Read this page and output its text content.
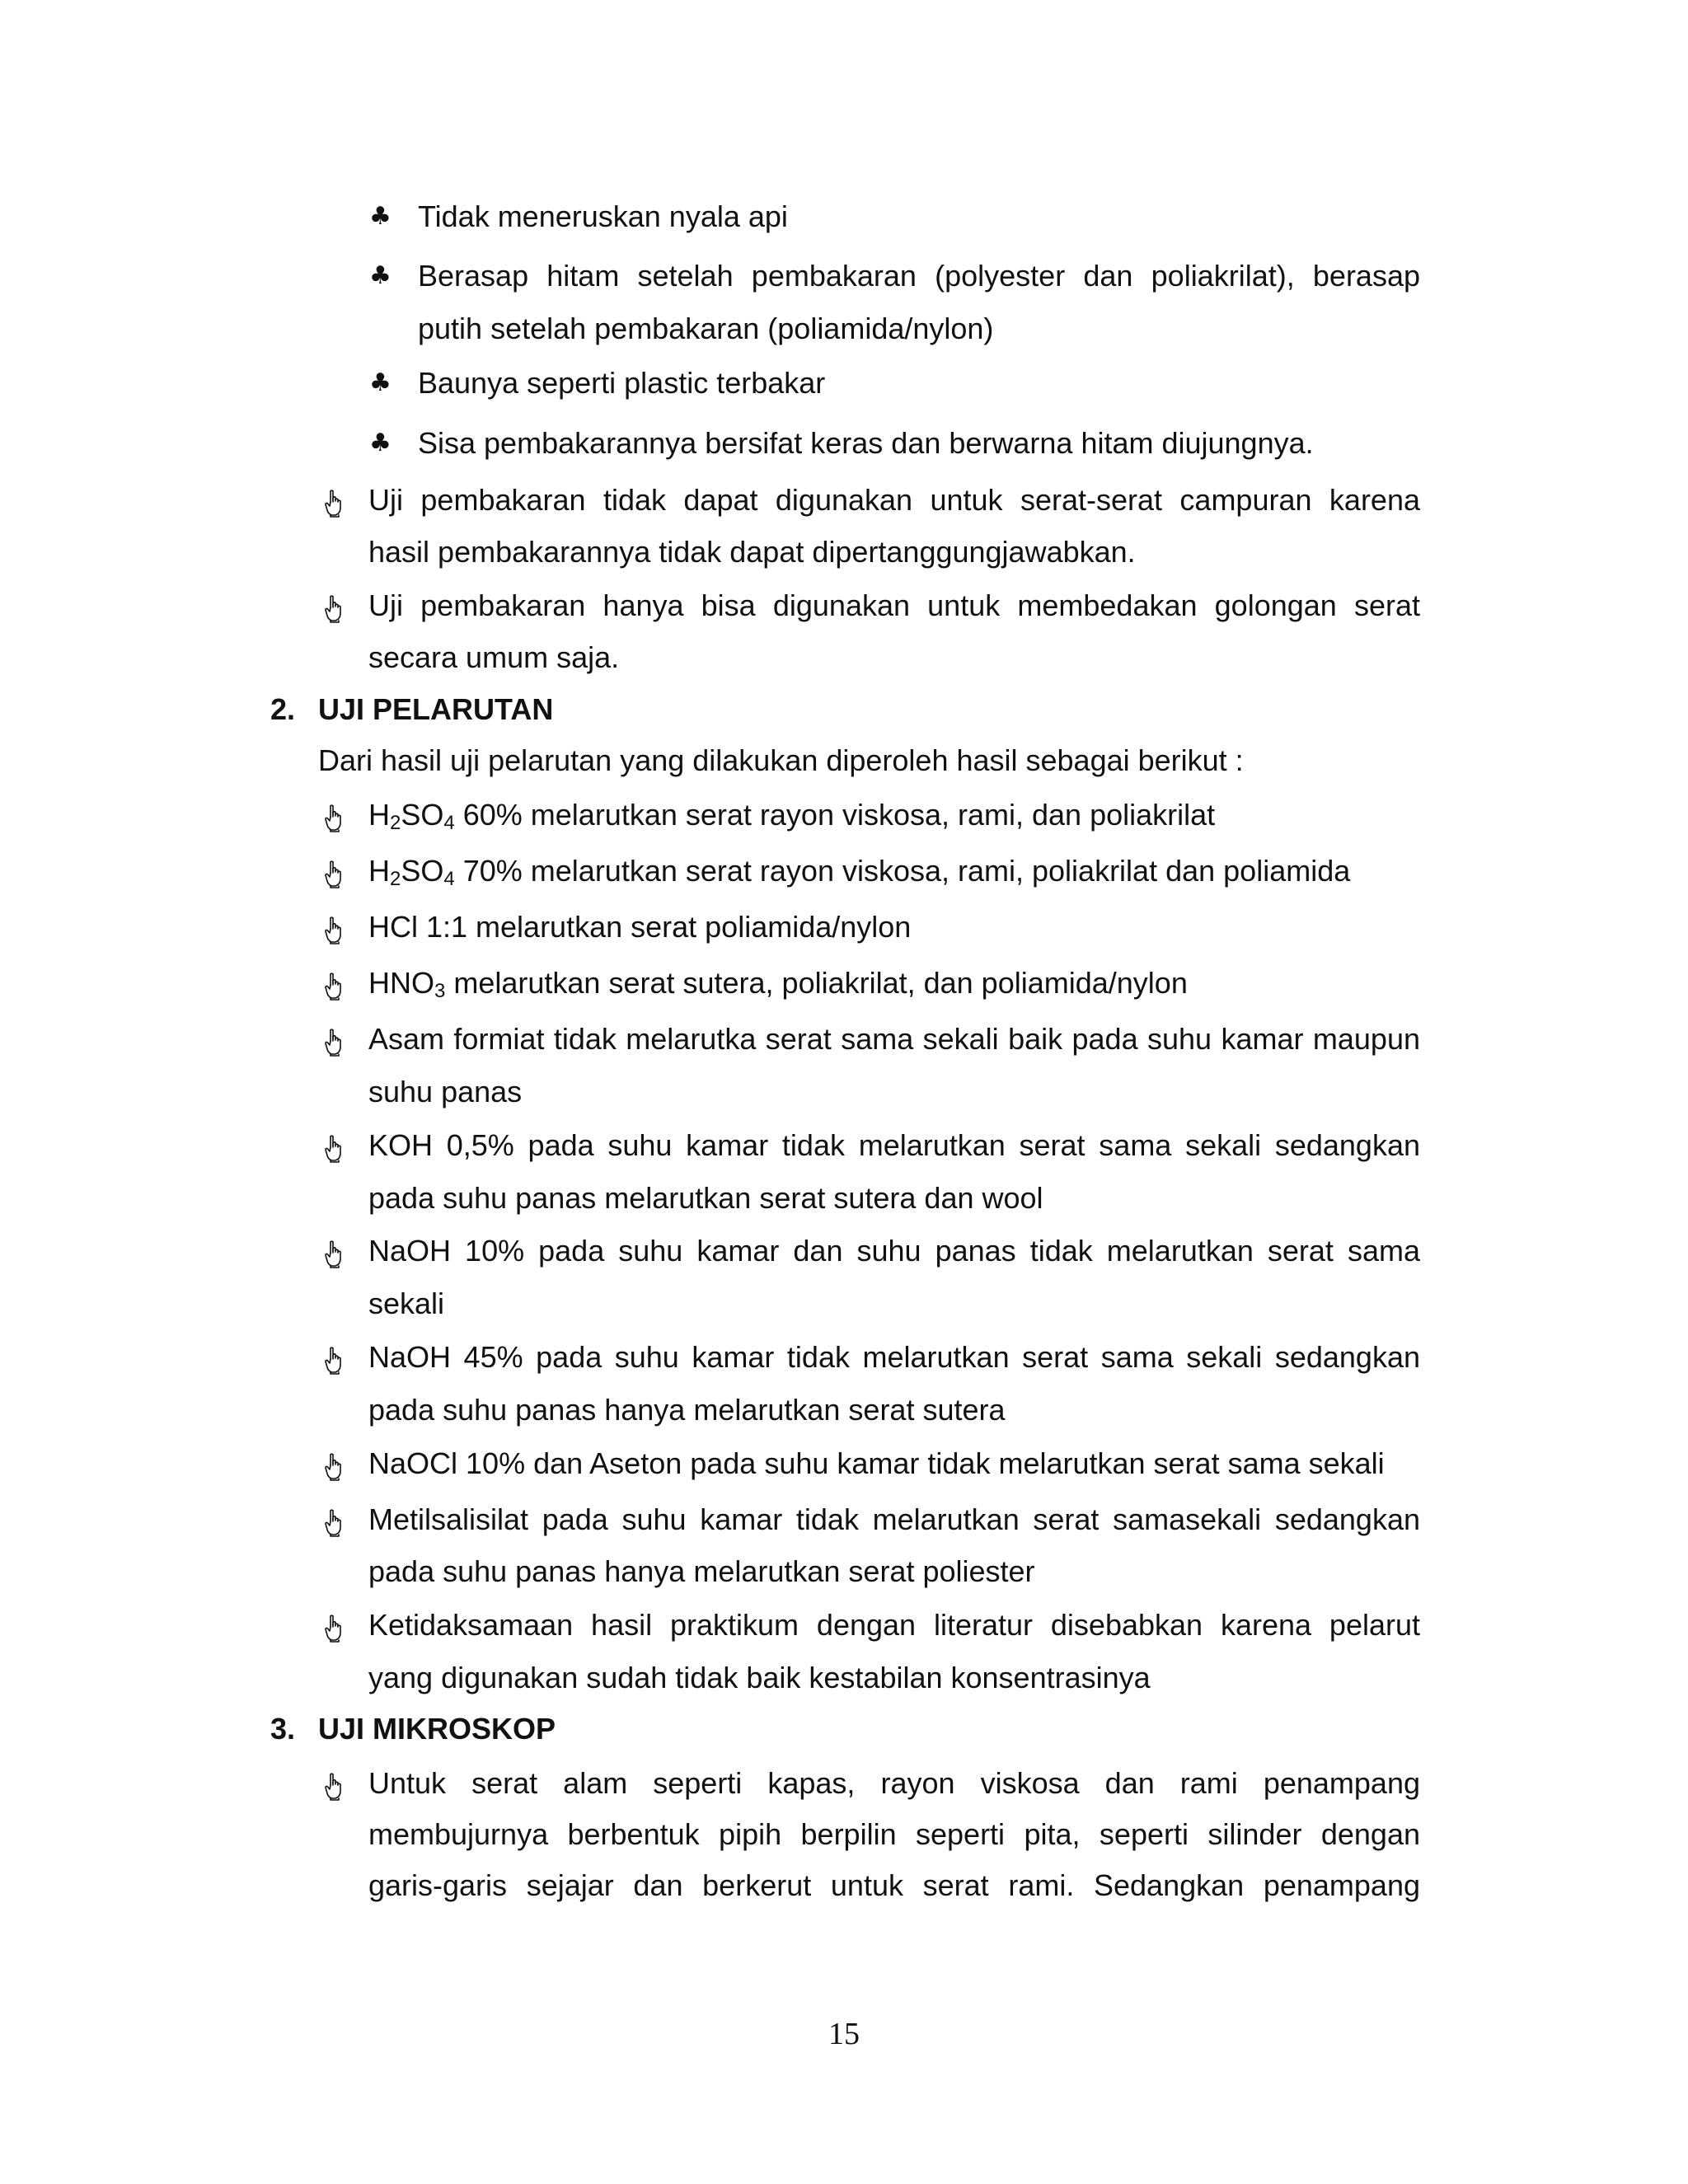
♣ Tidak meneruskan nyala api
♣ Berasap hitam setelah pembakaran (polyester dan poliakrilat), berasap
putih setelah pembakaran (poliamida/nylon)
♣ Baunya seperti plastic terbakar
♣ Sisa pembakarannya bersifat keras dan berwarna hitam diujungnya.
Uji pembakaran tidak dapat digunakan untuk serat-serat campuran karena
hasil pembakarannya tidak dapat dipertanggungjawabkan.
Uji pembakaran hanya bisa digunakan untuk membedakan golongan serat
secara umum saja.
2. UJI PELARUTAN
Dari hasil uji pelarutan yang dilakukan diperoleh hasil sebagai berikut :
$H_2SO_4$ 60% melarutkan serat rayon viskosa, rami, dan poliakrilat
$H_2SO_4$ 70% melarutkan serat rayon viskosa, rami, poliakrilat dan poliamida
HCl 1:1 melarutkan serat poliamida/nylon
$HNO_3$ melarutkan serat sutera, poliakrilat, dan poliamida/nylon
Asam formiat tidak melarutka serat sama sekali baik pada suhu kamar maupun
suhu panas
KOH 0,5% pada suhu kamar tidak melarutkan serat sama sekali sedangkan
pada suhu panas melarutkan serat sutera dan wool
NaOH 10% pada suhu kamar dan suhu panas tidak melarutkan serat sama
sekali
NaOH 45% pada suhu kamar tidak melarutkan serat sama sekali sedangkan
pada suhu panas hanya melarutkan serat sutera
NaOCl 10% dan Aseton pada suhu kamar tidak melarutkan serat sama sekali
Metilsalisilat pada suhu kamar tidak melarutkan serat samasekali sedangkan
pada suhu panas hanya melarutkan serat poliester
Ketidaksamaan hasil praktikum dengan literatur disebabkan karena pelarut
yang digunakan sudah tidak baik kestabilan konsentrasinya
3. UJI MIKROSKOP
Untuk serat alam seperti kapas, rayon viskosa dan rami penampang
membujurnya berbentuk pipih berpilin seperti pita, seperti silinder dengan
garis-garis sejajar dan berkerut untuk serat rami. Sedangkan penampang
15
